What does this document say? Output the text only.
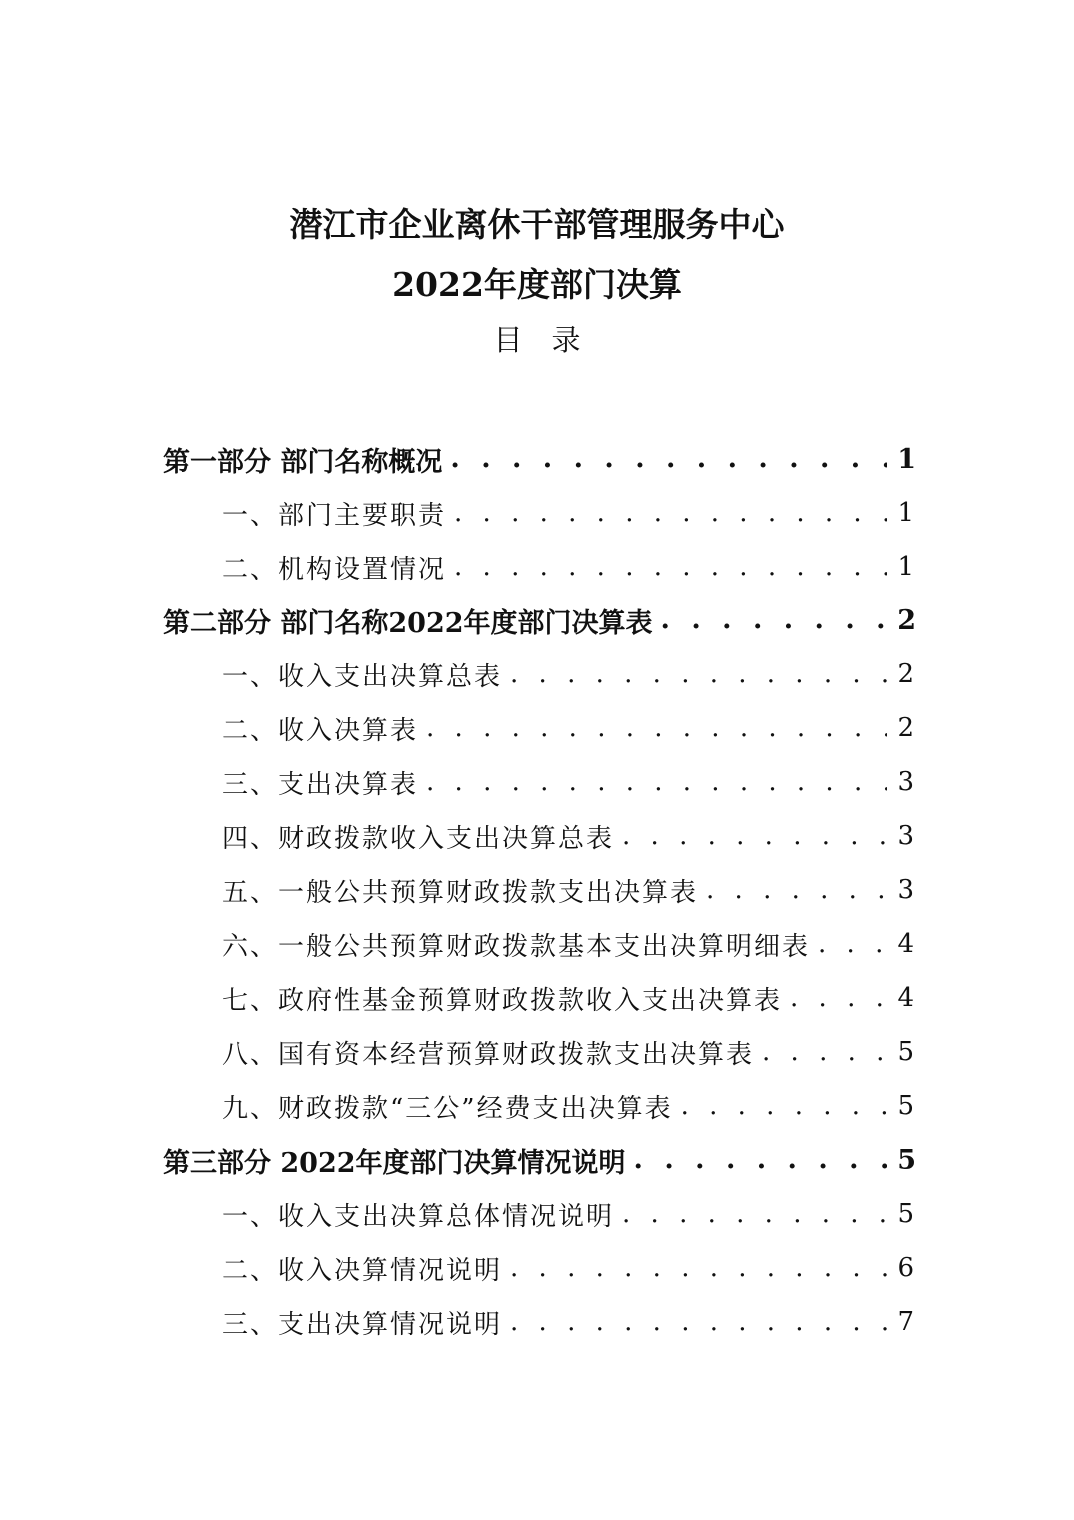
潜江市企业离休干部管理服务中心
2022年度部门决算
目　录
第一部分 部门名称概况 . . .	1
一、部门主要职责 . . .	1
二、机构设置情况 . . .	1
第二部分 部门名称2022年度部门决算表 . . .	2
一、收入支出决算总表 . . .	2
二、收入决算表 . . .	2
三、支出决算表 . . .	3
四、财政拨款收入支出决算总表 . . .	3
五、一般公共预算财政拨款支出决算表 . . .	3
六、一般公共预算财政拨款基本支出决算明细表 . . .	4
七、政府性基金预算财政拨款收入支出决算表 . . .	4
八、国有资本经营预算财政拨款支出决算表 . . .	5
九、财政拨款“三公”经费支出决算表 . . .	5
第三部分 2022年度部门决算情况说明 . . .	5
一、收入支出决算总体情况说明 . . .	5
二、收入决算情况说明 . . .	6
三、支出决算情况说明 . . .	7
